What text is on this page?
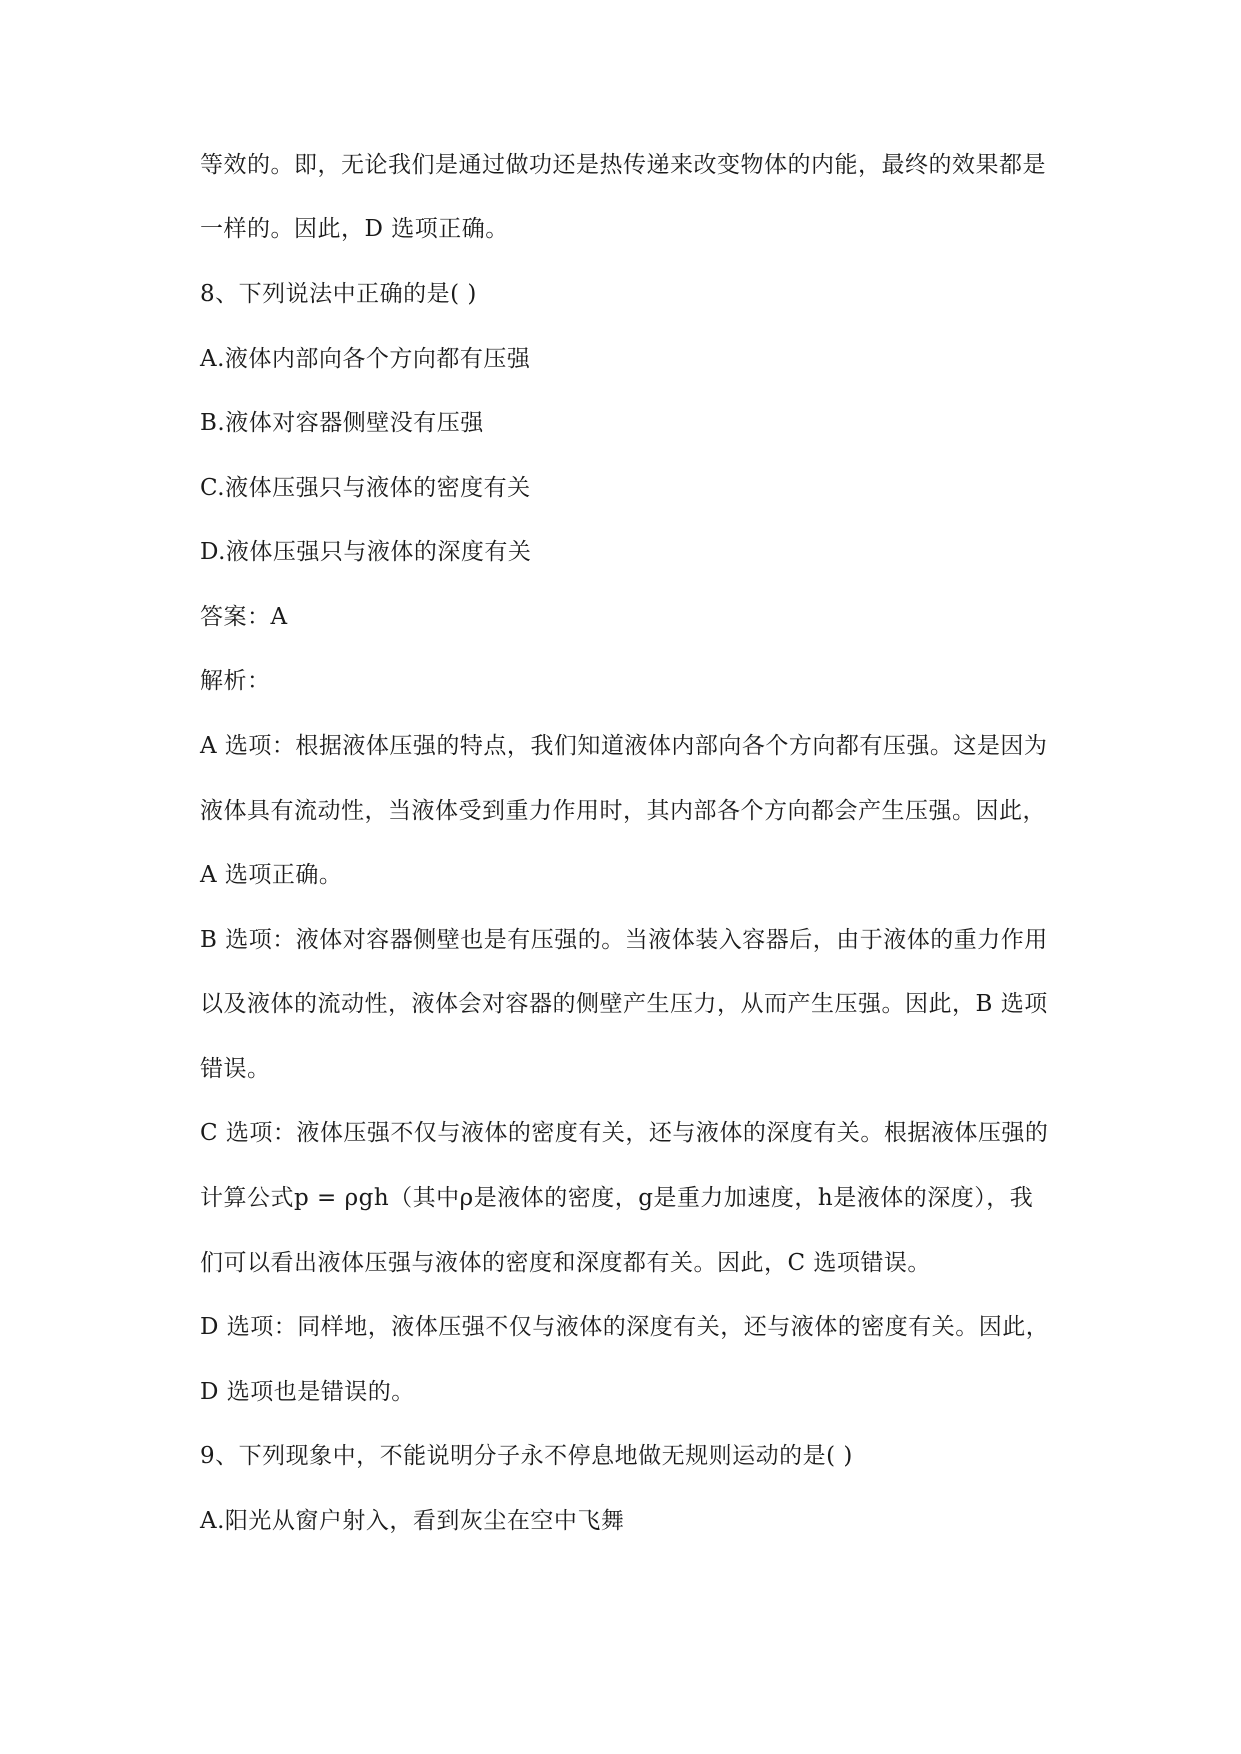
等效的。即，无论我们是通过做功还是热传递来改变物体的内能，最终的效果都是
一样的。因此，D 选项正确。
8、下列说法中正确的是( )
A.液体内部向各个方向都有压强
B.液体对容器侧壁没有压强
C.液体压强只与液体的密度有关
D.液体压强只与液体的深度有关
答案：A
解析：
A 选项：根据液体压强的特点，我们知道液体内部向各个方向都有压强。这是因为
液体具有流动性，当液体受到重力作用时，其内部各个方向都会产生压强。因此，
A 选项正确。
B 选项：液体对容器侧壁也是有压强的。当液体装入容器后，由于液体的重力作用
以及液体的流动性，液体会对容器的侧壁产生压力，从而产生压强。因此，B 选项
错误。
C 选项：液体压强不仅与液体的密度有关，还与液体的深度有关。根据液体压强的
计算公式p = ρgh（其中ρ是液体的密度，g是重力加速度，h是液体的深度），我
们可以看出液体压强与液体的密度和深度都有关。因此，C 选项错误。
D 选项：同样地，液体压强不仅与液体的深度有关，还与液体的密度有关。因此，
D 选项也是错误的。
9、下列现象中，不能说明分子永不停息地做无规则运动的是( )
A.阳光从窗户射入，看到灰尘在空中飞舞
